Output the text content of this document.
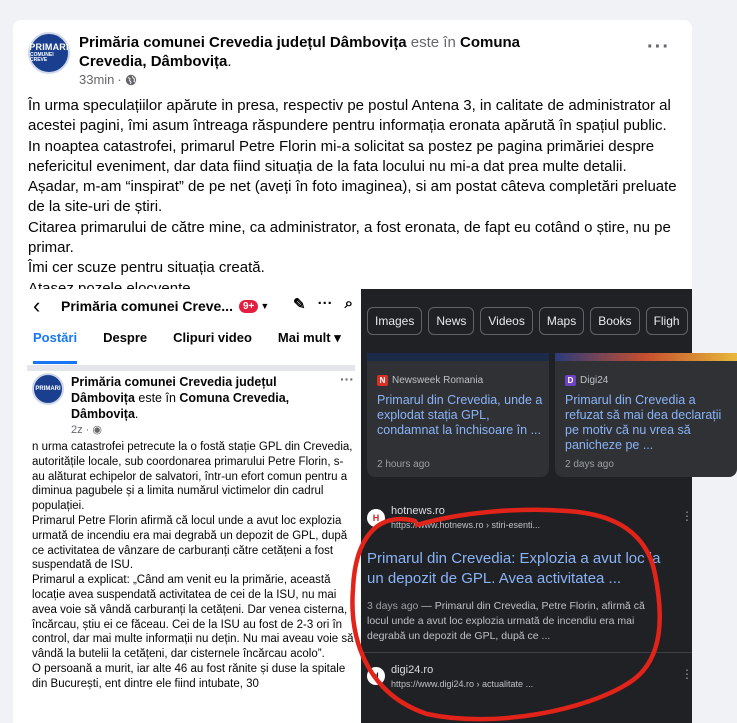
PRIMARI
COMUNEI CREVE
Primăria comunei Crevedia județul Dâmbovița este în Comuna Crevedia, Dâmbovița.
33min ·
···

În urma speculațiilor apărute in presa, respectiv pe postul Antena 3, in calitate de administrator al acestei pagini, îmi asum întreaga răspundere pentru informația eronata apărută în spațiul public.

In noaptea catastrofei, primarul Petre Florin mi-a solicitat sa postez pe pagina primăriei despre nefericitul eveniment, dar data fiind situația de la fata locului nu mi-a dat prea multe detalii.

Așadar, m-am “inspirat” de pe net (aveți în foto imaginea), si am postat câteva completări preluate de la site-uri de știri.

Citarea primarului de către mine, ca administrator, a fost eronata, de fapt eu cotând o știre, nu pe primar.

Îmi cer scuze pentru situația creată.

‹	Primăria comunei Creve...	9+ ▼ ✎ ··· ⌕
Postări Despre Clipuri video Mai mult ▾
PRIMARI Primăria comunei Crevedia județul Dâmbovița este în Comuna Crevedia, Dâmbovița.
···
2z · ◉

n urma catastrofei petrecute la o fostă stație GPL din Crevedia, autoritățile locale, sub coordonarea primarului Petre Florin, s-au alăturat echipelor de salvatori, într-un efort comun pentru a diminua pagubele și a limita numărul victimelor din cadrul populației.

Primarul Petre Florin afirmă că locul unde a avut loc explozia urmată de incendiu era mai degrabă un depozit de GPL, după ce activitatea de vânzare de carburanți către cetățeni a fost suspendată de ISU.

Primarul a explicat: „Când am venit eu la primărie, această locație avea suspendată activitatea de cei de la ISU, nu mai avea voie să vândă carburanți la cetățeni. Dar venea cisterna, încărcau, știu ei ce făceau. Cei de la ISU au fost de 2-3 ori în control, dar mai multe informații nu dețin. Nu mai aveau voie să vândă la butelii la cetățeni, dar cisternele încărcau acolo”.

O persoană a murit, iar alte 46 au fost rănite și duse la spitale din București, ent dintre ele fiind intubate, 30

Images	News	Videos	Maps	Books	Fligh
N Newsweek Romania
Primarul din Crevedia, unde a explodat stația GPL, condamnat la închisoare în ...
2 hours ago
D Digi24
Primarul din Crevedia a refuzat să mai dea declarații pe motiv că nu vrea să panicheze pe ...
2 days ago
H
hotnews.ro
https://www.hotnews.ro › stiri-esenti...
⋮
Primarul din Crevedia: Explozia a avut loc la un depozit de GPL. Avea activitatea ...
3 days ago — Primarul din Crevedia, Petre Florin, afirmă că locul unde a avut loc explozia urmată de incendiu era mai degrabă un depozit de GPL, după ce ...
d	digi24.ro
https://www.digi24.ro › actualitate ...
⋮
